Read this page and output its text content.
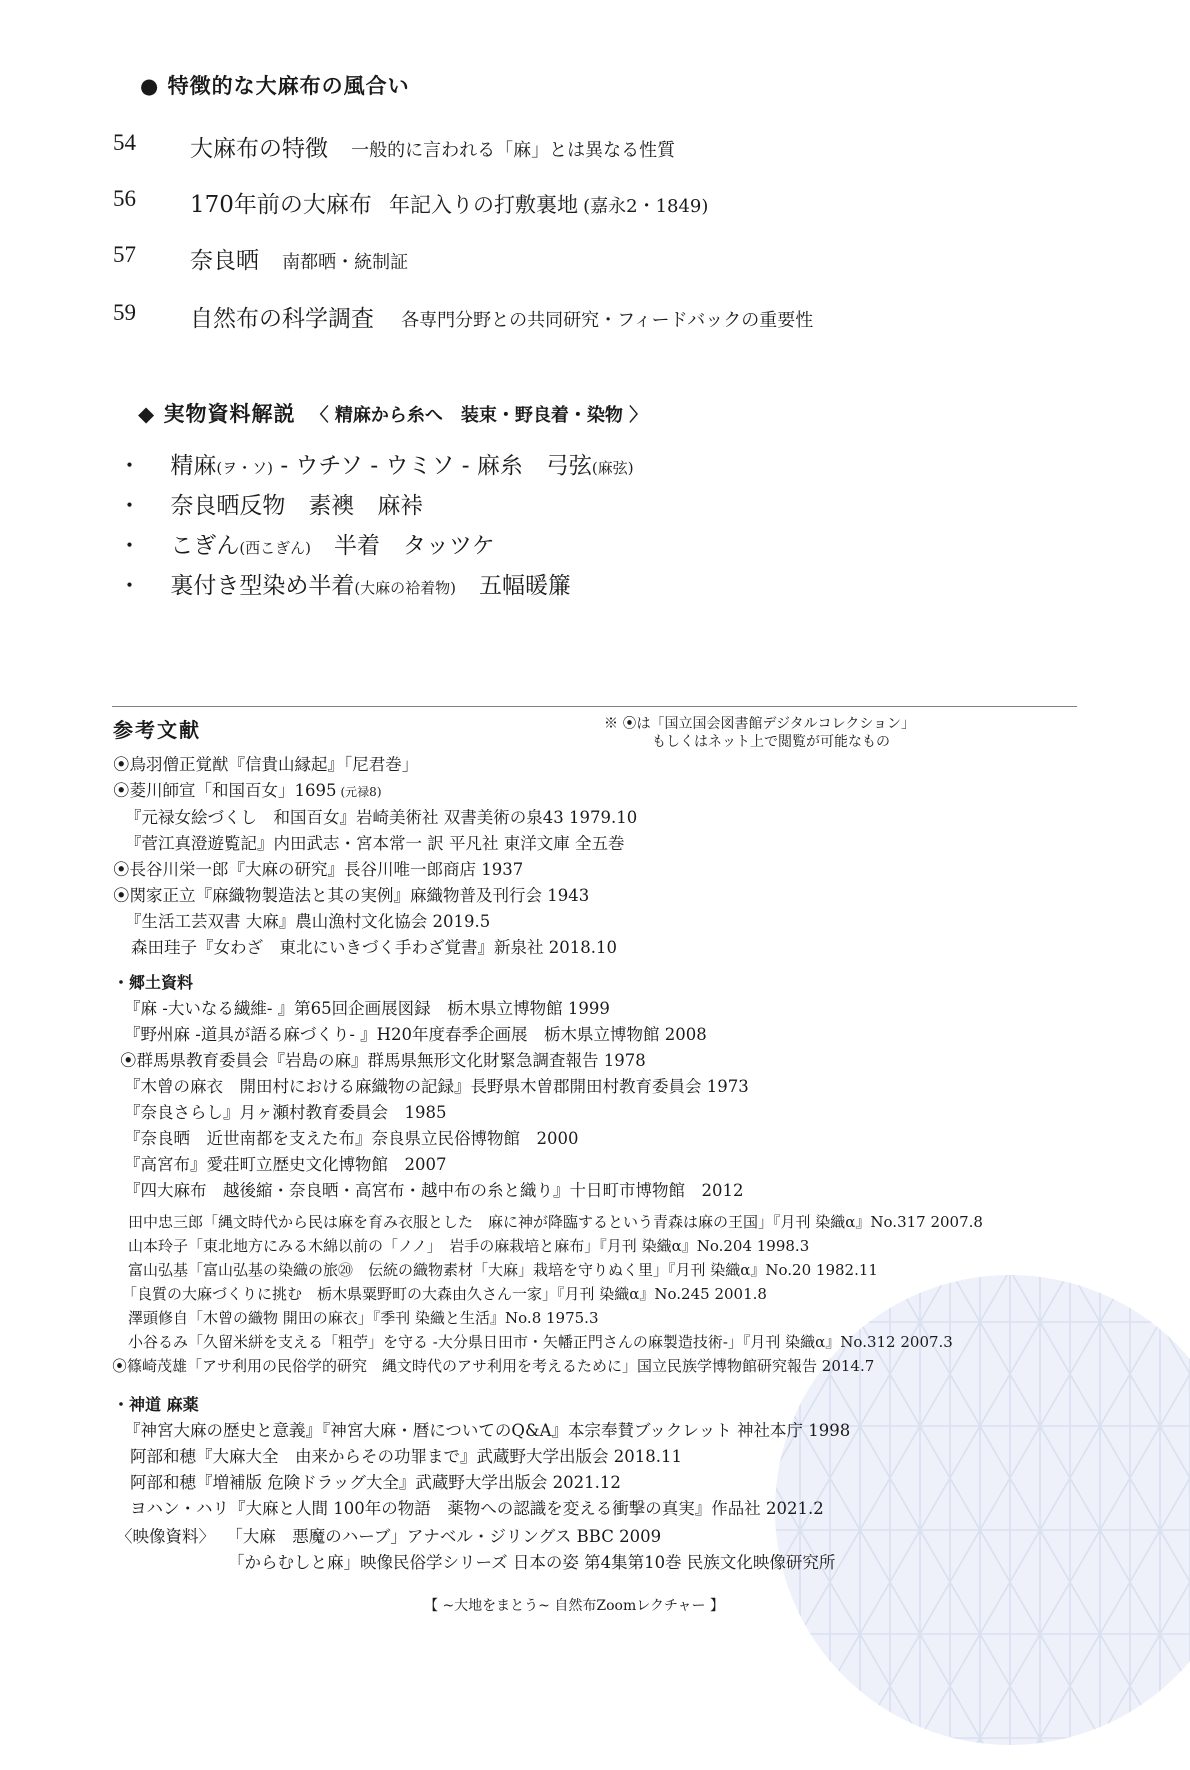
● 特徴的な大麻布の風合い
54 大麻布の特徴 一般的に言われる「麻」とは異なる性質
56 170年前の大麻布 年記入りの打敷裏地 (嘉永2・1849)
57 奈良晒 南都晒・統制証
59 自然布の科学調査 各専門分野との共同研究・フィードバックの重要性
◆ 実物資料解説 〈 精麻から糸へ　装束・野良着・染物 〉
・ 精麻(ヲ・ソ) - ウチソ - ウミソ - 麻糸　弓弦(麻弦)
・ 奈良晒反物　素襖　麻裃
・ こぎん(西こぎん)　半着　タッツケ
・ 裏付き型染め半着(大麻の袷着物)　五幅暖簾
参考文献	※ ⦿は「国立国会図書館デジタルコレクション」
もしくはネット上で閲覧が可能なもの
⦿鳥羽僧正覚猷『信貴山縁起』「尼君巻」
⦿菱川師宣「和国百女」1695 (元禄8)
『元禄女絵づくし　和国百女』岩崎美術社 双書美術の泉43 1979.10
『菅江真澄遊覧記』内田武志・宮本常一 訳 平凡社 東洋文庫 全五巻
⦿長谷川栄一郎『大麻の研究』長谷川唯一郎商店 1937
⦿関家正立『麻織物製造法と其の実例』麻織物普及刊行会 1943
『生活工芸双書 大麻』農山漁村文化協会 2019.5
森田珪子『女わざ　東北にいきづく手わざ覚書』新泉社 2018.10
・郷土資料
『麻 -大いなる繊維- 』第65回企画展図録　栃木県立博物館 1999
『野州麻 -道具が語る麻づくり- 』H20年度春季企画展　栃木県立博物館 2008
⦿群馬県教育委員会『岩島の麻』群馬県無形文化財緊急調査報告 1978
『木曾の麻衣　開田村における麻織物の記録』長野県木曽郡開田村教育委員会 1973
『奈良さらし』月ヶ瀬村教育委員会　1985
『奈良晒　近世南都を支えた布』奈良県立民俗博物館　2000
『高宮布』愛荘町立歴史文化博物館　2007
『四大麻布　越後縮・奈良晒・高宮布・越中布の糸と織り』十日町市博物館　2012
田中忠三郎「縄文時代から民は麻を育み衣服とした　麻に神が降臨するという青森は麻の王国」『月刊 染織α』No.317 2007.8
山本玲子「東北地方にみる木綿以前の「ノノ」　岩手の麻栽培と麻布」『月刊 染織α』No.204 1998.3
富山弘基「富山弘基の染織の旅⑳　伝統の織物素材「大麻」栽培を守りぬく里」『月刊 染織α』No.20 1982.11
「良質の大麻づくりに挑む　栃木県粟野町の大森由久さん一家」『月刊 染織α』No.245 2001.8
澤頭修自「木曾の織物 開田の麻衣」『季刊 染織と生活』No.8 1975.3
小谷るみ「久留米絣を支える「粗苧」を守る -大分県日田市・矢幡正門さんの麻製造技術-」『月刊 染織α』No.312 2007.3
⦿篠崎茂雄「アサ利用の民俗学的研究　縄文時代のアサ利用を考えるために」国立民族学博物館研究報告 2014.7
・神道 麻薬
『神宮大麻の歴史と意義』『神宮大麻・暦についてのQ&A』本宗奉賛ブックレット 神社本庁 1998
阿部和穂『大麻大全　由来からその功罪まで』武蔵野大学出版会 2018.11
阿部和穂『増補版 危険ドラッグ大全』武蔵野大学出版会 2021.12
ヨハン・ハリ『大麻と人間 100年の物語　薬物への認識を変える衝撃の真実』作品社 2021.2
〈映像資料〉 「大麻　悪魔のハーブ」アナベル・ジリングス BBC 2009
「からむしと麻」映像民俗学シリーズ 日本の姿 第4集第10巻 民族文化映像研究所
【 ~大地をまとう~ 自然布Zoomレクチャー 】
